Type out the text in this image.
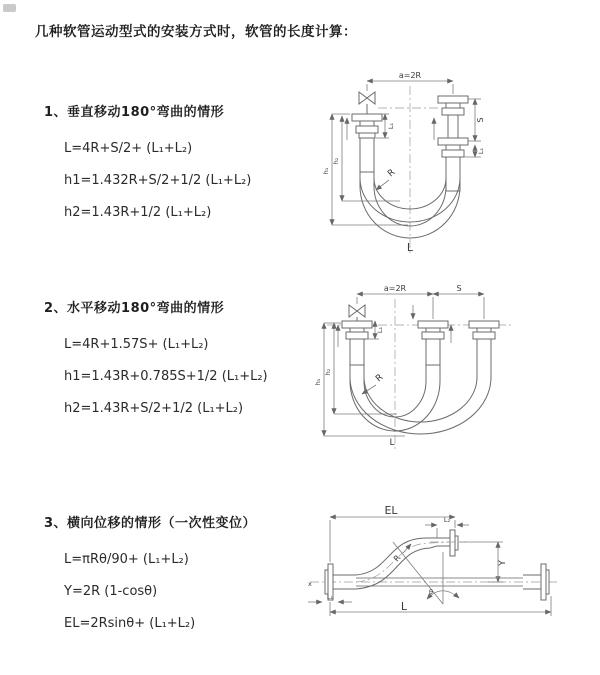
几种软管运动型式的安装方式时，软管的长度计算：
1、垂直移动180°弯曲的情形
L=4R+S/2+ (L₁+L₂)
h1=1.432R+S/2+1/2 (L₁+L₂)
h2=1.43R+1/2 (L₁+L₂)
2、水平移动180°弯曲的情形
L=4R+1.57S+ (L₁+L₂)
h1=1.43R+0.785S+1/2 (L₁+L₂)
h2=1.43R+S/2+1/2 (L₁+L₂)
3、横向位移的情形（一次性变位）
L=πRθ/90+ (L₁+L₂)
Y=2R (1-cosθ)
EL=2Rsinθ+ (L₁+L₂)
a=2R
L₁
S
L₁
h₁
h₂
R
L
a=2R	S
L₁
h₁
h₂
R
L
x
EL
L₂
Y
L₁
R
θ
L
